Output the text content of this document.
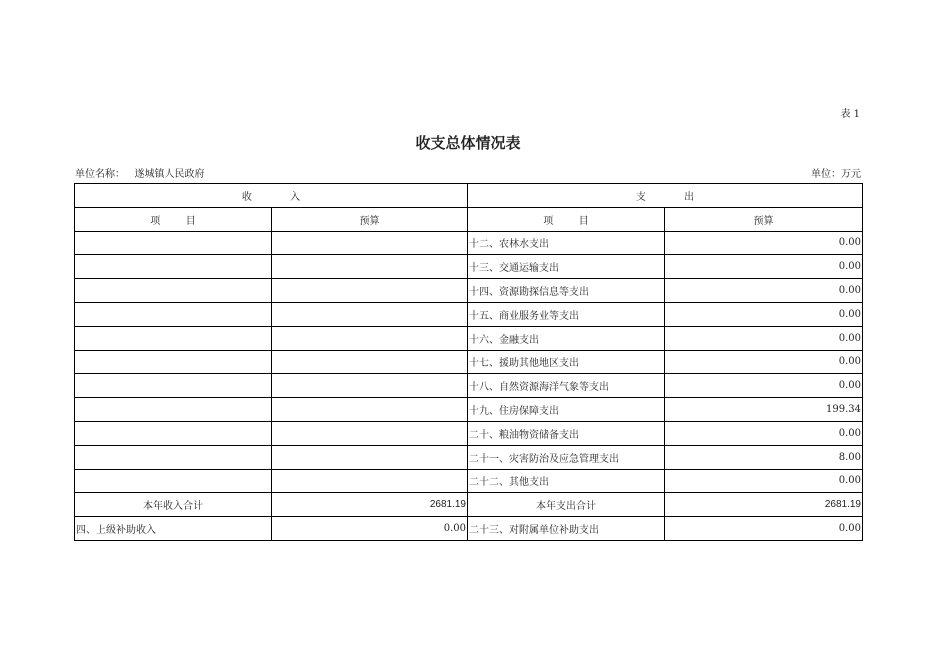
表 1
收支总体情况表
单位名称：   遂城镇人民政府	单位：万元
收            入		支            出	
项        目	预算	项        目	预算
		十二、农林水支出	0.00
		十三、交通运输支出	0.00
		十四、资源勘探信息等支出	0.00
		十五、商业服务业等支出	0.00
		十六、金融支出	0.00
		十七、援助其他地区支出	0.00
		十八、自然资源海洋气象等支出	0.00
		十九、住房保障支出	199.34
		二十、粮油物资储备支出	0.00
		二十一、灾害防治及应急管理支出	8.00
		二十二、其他支出	0.00
本年收入合计	2681.19	本年支出合计	2681.19
四、上级补助收入	0.00	二十三、对附属单位补助支出	0.00
